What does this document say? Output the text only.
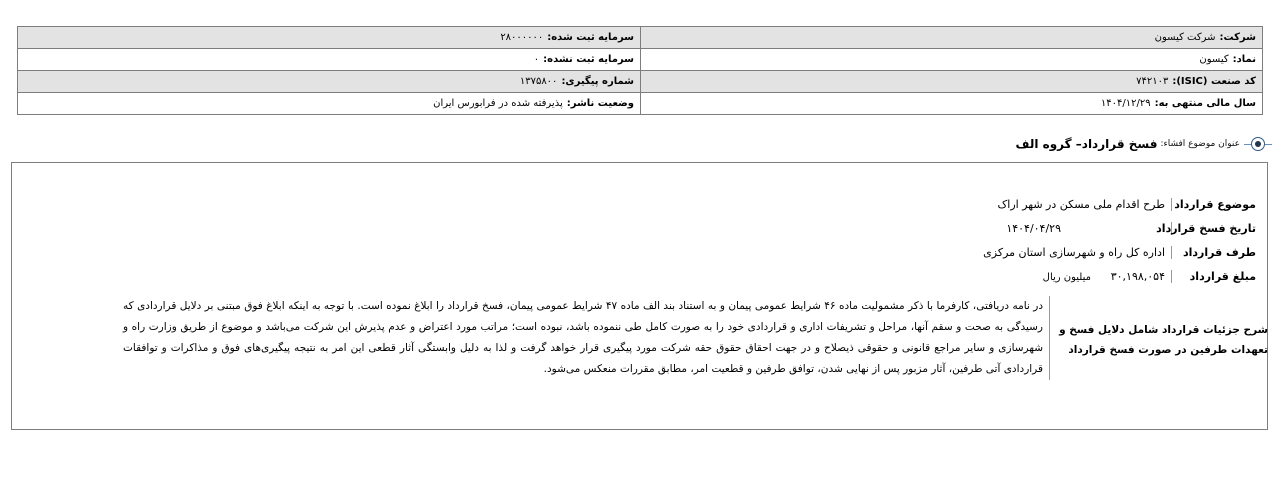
شرکت:شرکت کیسون	سرمایه ثبت شده:۲۸۰۰۰۰۰۰
نماد:کیسون	سرمایه ثبت نشده:۰
کد صنعت (ISIC):۷۴۲۱۰۳	شماره پیگیری:۱۳۷۵۸۰۰
سال مالی منتهی به:۱۴۰۴/۱۲/۲۹	وضعیت ناشر:پذیرفته شده در فرابورس ایران
عنوان موضوع افشاء:
فسخ قرارداد– گروه الف
موضوع قرارداد
طرح اقدام ملی مسکن در شهر اراک
تاریخ فسخ قرارداد
۱۴۰۴/۰۴/۲۹
طرف قرارداد
اداره کل راه و شهرسازی استان مرکزی
مبلغ قرارداد
۳۰,۱۹۸,۰۵۴میلیون ریال
شرح جزئیات قرارداد شامل دلایل فسخ و تعهدات طرفین در صورت فسخ قرارداد
در نامه دریافتی، کارفرما با ذکر مشمولیت ماده ۴۶ شرایط عمومی پیمان و به استناد بند الف ماده ۴۷ شرایط عمومی پیمان، فسخ قرارداد را ابلاغ نموده است. با توجه به اینکه ابلاغ فوق مبتنی بر دلایل قراردادی که رسیدگی به صحت و سقم آنها، مراحل و تشریفات اداری و قراردادی خود را به صورت کامل طی ننموده باشد، نبوده است؛ مراتب مورد اعتراض و عدم پذیرش این شرکت می‌باشد و موضوع از طریق وزارت راه و شهرسازی و سایر مراجع قانونی و حقوقی ذیصلاح و در جهت احقاق حقوق حقه شرکت مورد پیگیری قرار خواهد گرفت و لذا به دلیل وابستگی آثار قطعی این امر به نتیجه پیگیری‌های فوق و مذاکرات و توافقات قراردادی آتی طرفین، آثار مزبور پس از نهایی شدن، توافق طرفین و قطعیت امر، مطابق مقررات منعکس می‌شود.
